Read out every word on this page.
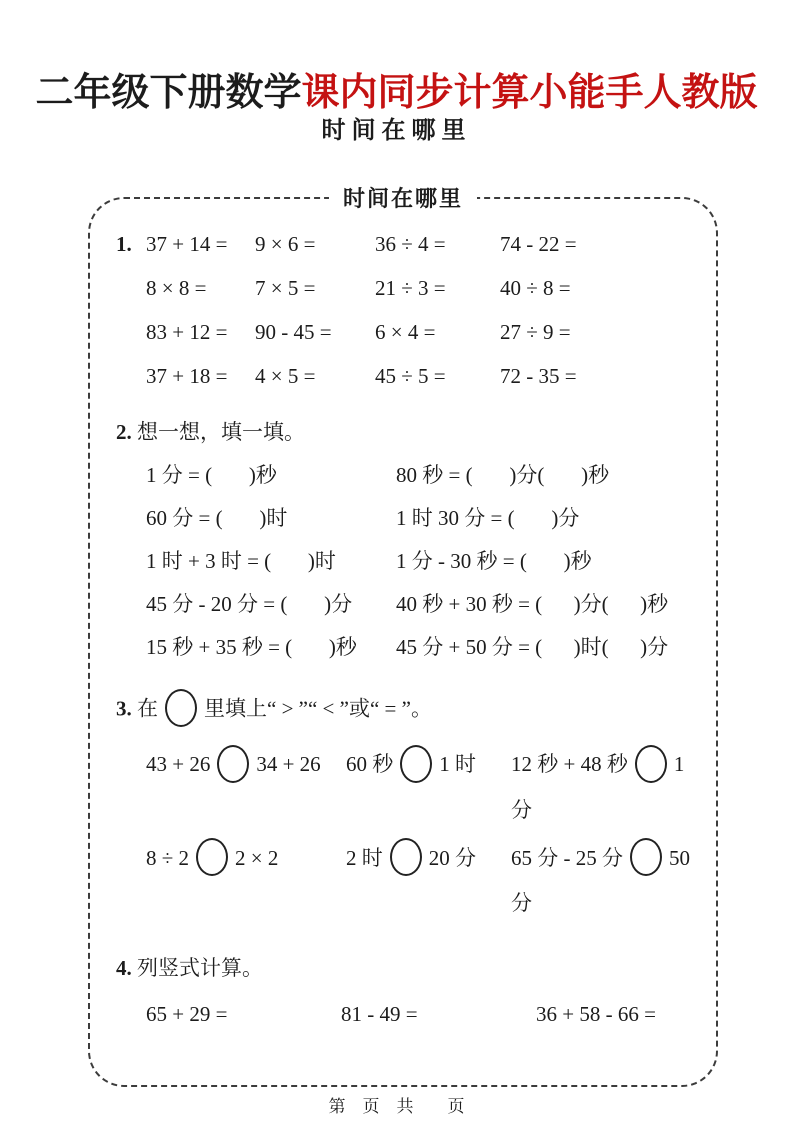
二年级下册数学课内同步计算小能手人教版
时间在哪里
时间在哪里
1. 37 + 14 =	9 × 6 =	36 ÷ 4 =	74 - 22 =
8 × 8 =	7 × 5 =	21 ÷ 3 =	40 ÷ 8 =
83 + 12 =	90 - 45 =	6 × 4 =	27 ÷ 9 =
37 + 18 =	4 × 5 =	45 ÷ 5 =	72 - 35 =
2. 想一想，填一填。
1 分 = (       )秒	80 秒 = (       )分(       )秒
60 分 = (       )时	1 时 30 分 = (       )分
1 时 + 3 时 = (       )时	1 分 - 30 秒 = (       )秒
45 分 - 20 分 = (       )分	40 秒 + 30 秒 = (      )分(      )秒
15 秒 + 35 秒 = (       )秒	45 分 + 50 分 = (      )时(      )分
3. 在 里填上“ > ”“ < ”或“ = ”。
43 + 26 34 + 26	60 秒 1 时	12 秒 + 48 秒 1 分
8 ÷ 2 2 × 2	2 时 20 分	65 分 - 25 分 50 分
4. 列竖式计算。
65 + 29 =	81 - 49 =	36 + 58 - 66 =
第　页　共　　页
